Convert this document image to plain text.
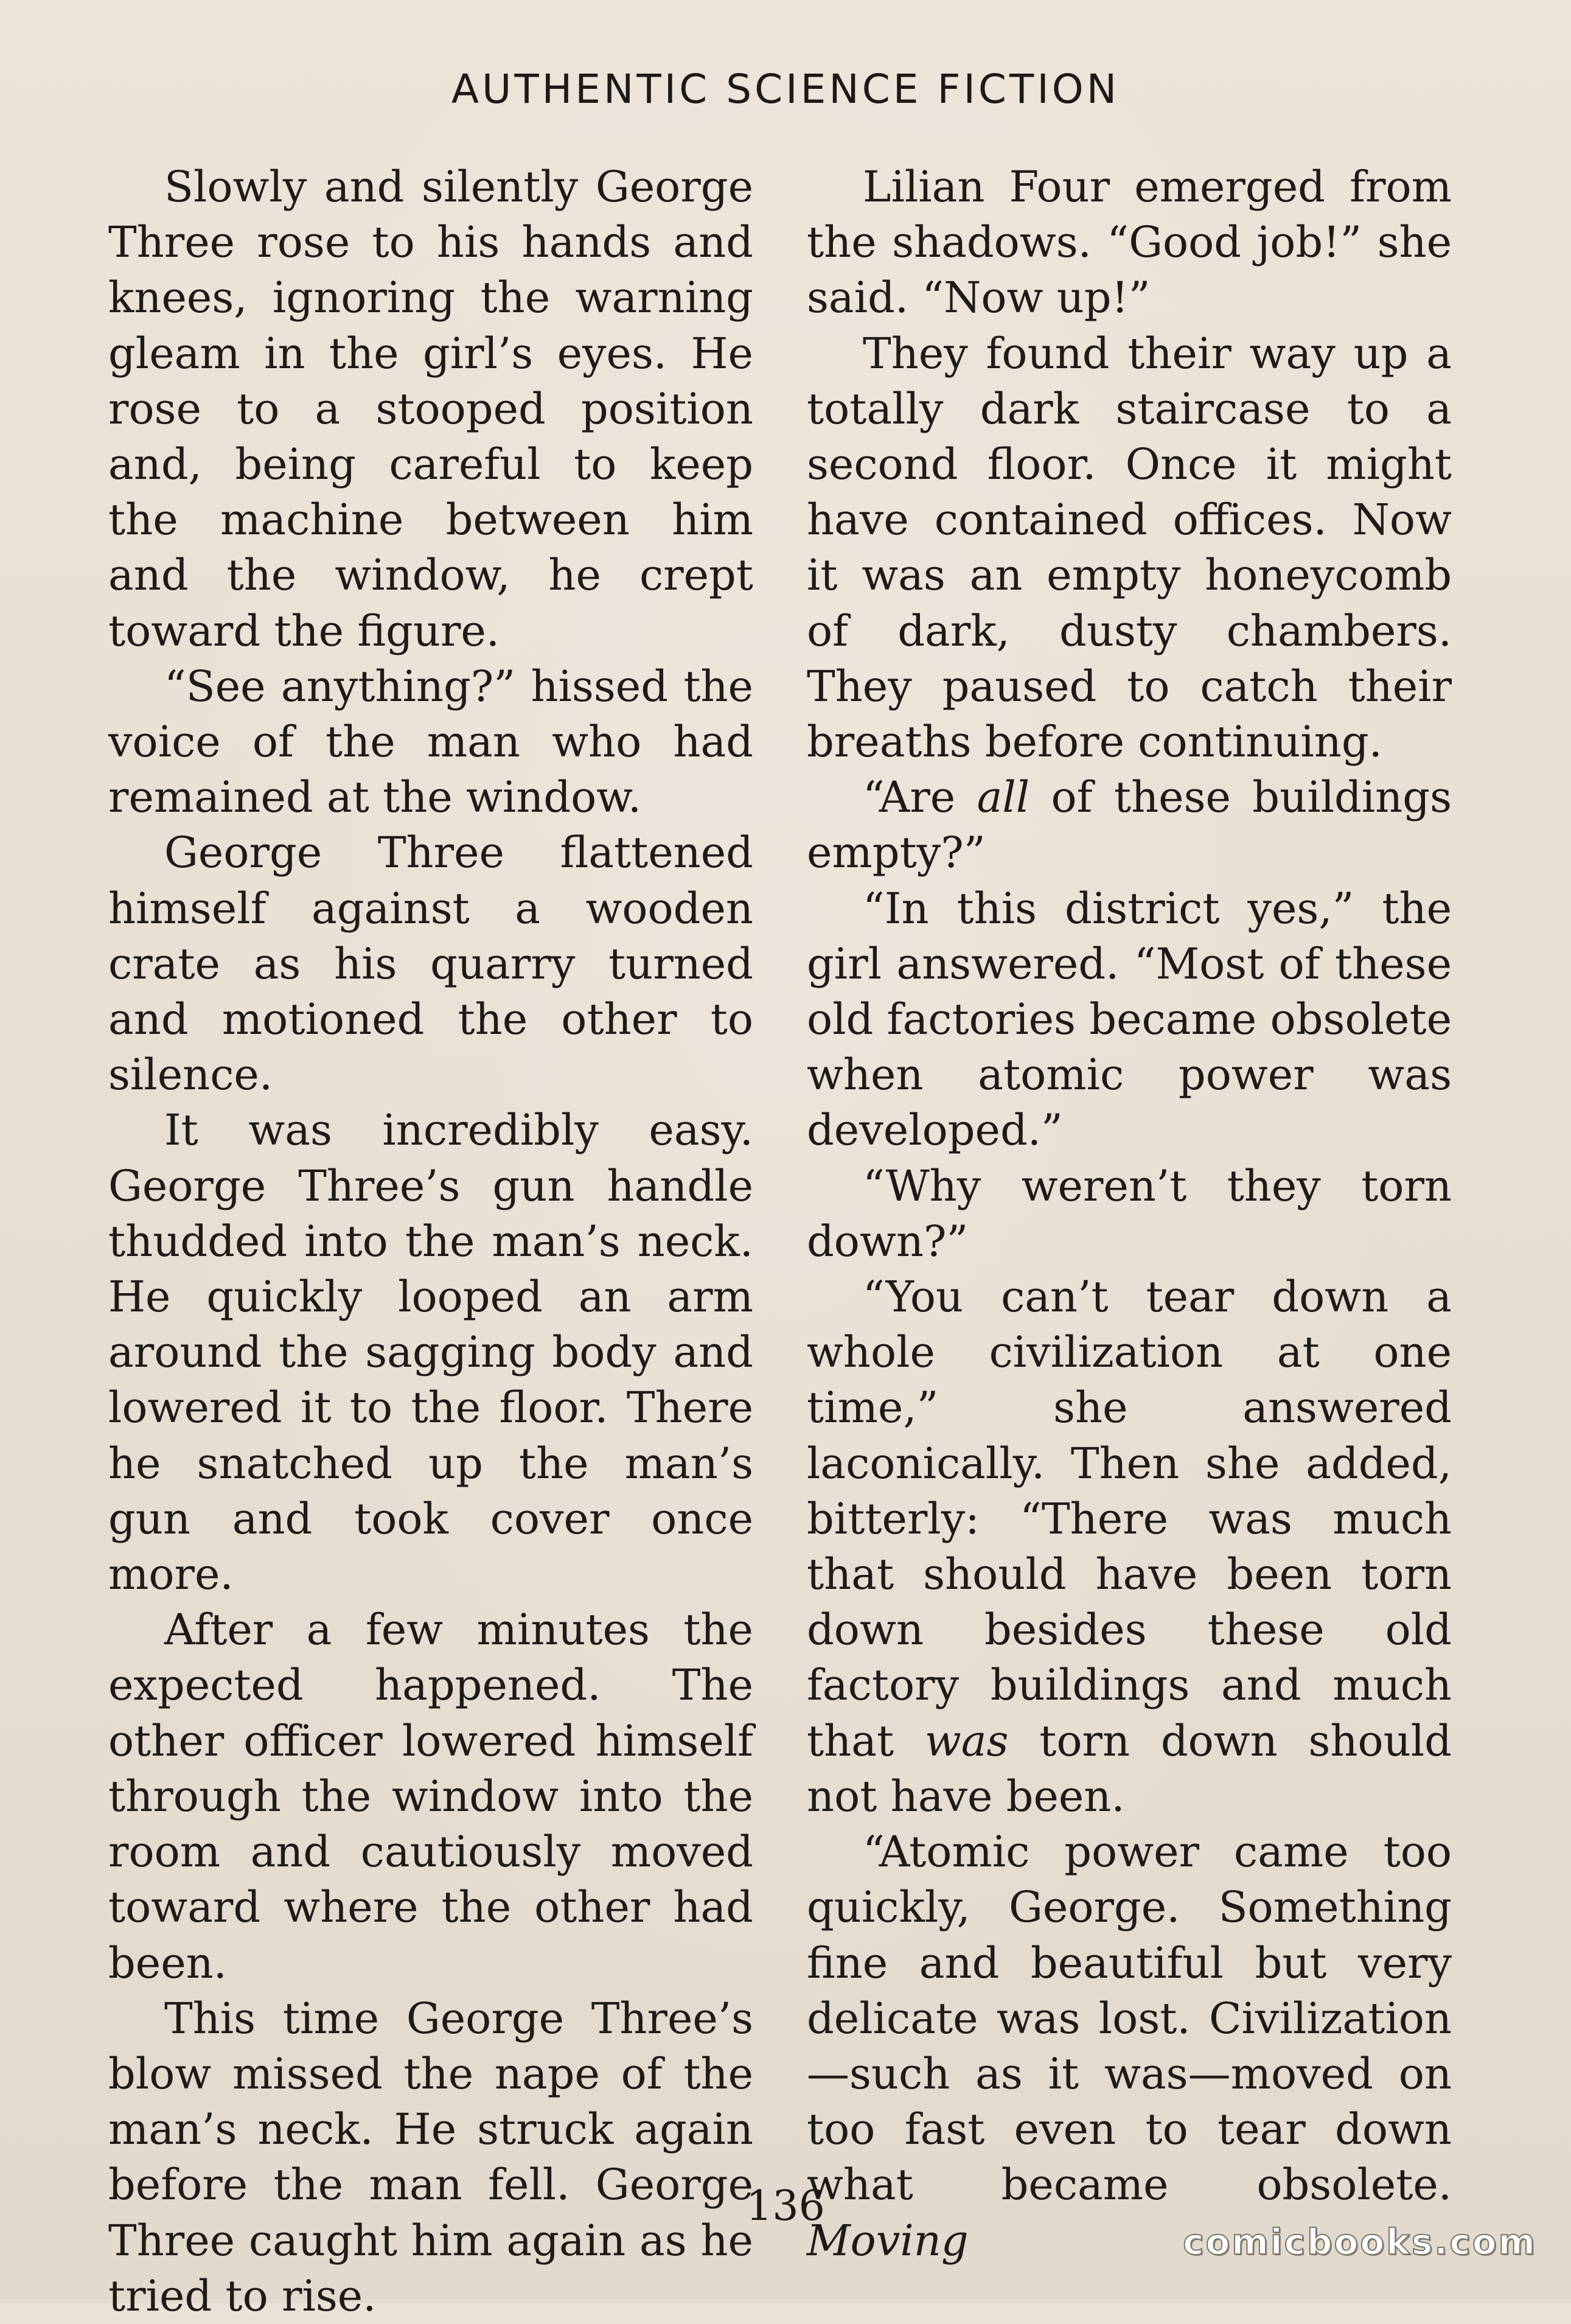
AUTHENTIC SCIENCE FICTION

Slowly and silently George Three rose to his hands and knees, ignoring the warning gleam in the girl’s eyes. He rose to a stooped position and, being careful to keep the machine between him and the window, he crept toward the figure.

“See anything?” hissed the voice of the man who had remained at the window.

George Three flattened himself against a wooden crate as his quarry turned and motioned the other to silence.

It was incredibly easy. George Three’s gun handle thudded into the man’s neck. He quickly looped an arm around the sagging body and lowered it to the floor. There he snatched up the man’s gun and took cover once more.

After a few minutes the expected happened. The other officer lowered himself through the window into the room and cautiously moved toward where the other had been.

This time George Three’s blow missed the nape of the man’s neck. He struck again before the man fell. George Three caught him again as he tried to rise.

Lilian Four emerged from the shadows. “Good job!” she said. “Now up!”

They found their way up a totally dark staircase to a second floor. Once it might have contained offices. Now it was an empty honeycomb of dark, dusty chambers. They paused to catch their breaths before continuing.

“Are all of these buildings empty?”

“In this district yes,” the girl answered. “Most of these old factories became obsolete when atomic power was developed.”

“Why weren’t they torn down?”

“You can’t tear down a whole civilization at one time,” she answered laconically. Then she added, bitterly: “There was much that should have been torn down besides these old factory buildings and much that was torn down should not have been.

“Atomic power came too quickly, George. Something fine and beautiful but very delicate was lost. Civilization—such as it was—moved on too fast even to tear down what became obsolete. Moving

136
comicbooks.com
